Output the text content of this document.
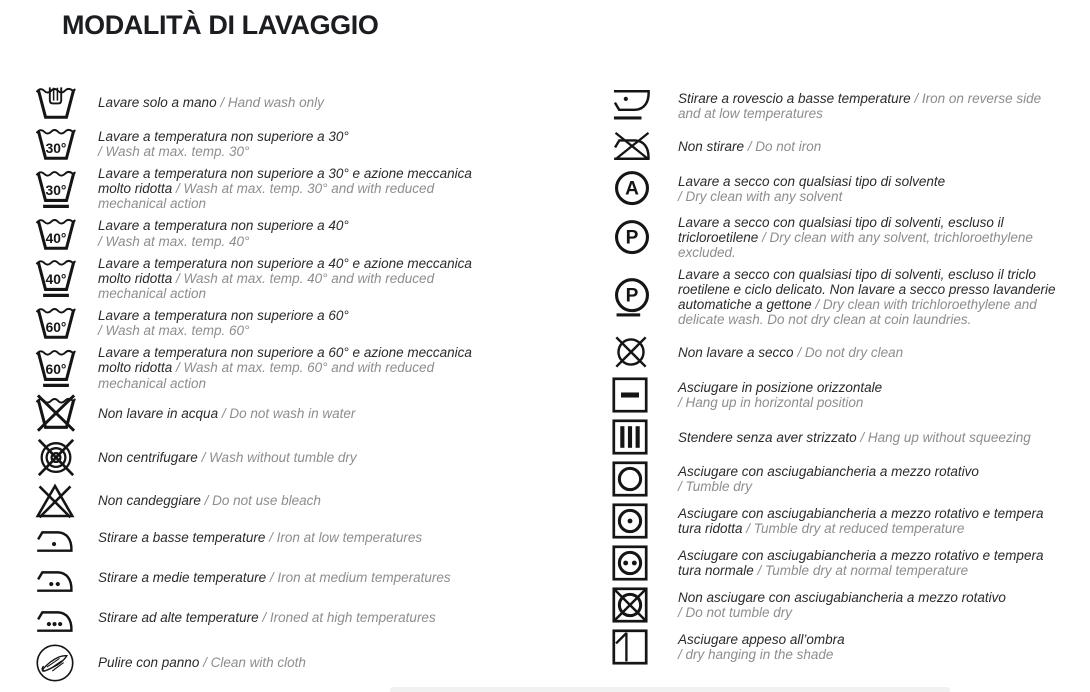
MODALITÀ DI LAVAGGIO
Lavare solo a mano / Hand wash only
30°
Lavare a temperatura non superiore a 30°
/ Wash at max. temp. 30°
30°
Lavare a temperatura non superiore a 30° e azione meccanica
molto ridotta / Wash at max. temp. 30° and with reduced
mechanical action
40°
Lavare a temperatura non superiore a 40°
/ Wash at max. temp. 40°
40°
Lavare a temperatura non superiore a 40° e azione meccanica
molto ridotta / Wash at max. temp. 40° and with reduced
mechanical action
60°
Lavare a temperatura non superiore a 60°
/ Wash at max. temp. 60°
60°
Lavare a temperatura non superiore a 60° e azione meccanica
molto ridotta / Wash at max. temp. 60° and with reduced
mechanical action
Non lavare in acqua / Do not wash in water
Non centrifugare / Wash without tumble dry
Non candeggiare / Do not use bleach
Stirare a basse temperature / Iron at low temperatures
Stirare a medie temperature / Iron at medium temperatures
Stirare ad alte temperature / Ironed at high temperatures
Pulire con panno / Clean with cloth
Stirare a rovescio a basse temperature / Iron on reverse side
and at low temperatures
Non stirare / Do not iron
A	Lavare a secco con qualsiasi tipo di solvente
/ Dry clean with any solvent
P
Lavare a secco con qualsiasi tipo di solventi, escluso il
tricloroetilene / Dry clean with any solvent, trichloroethylene
excluded.
P
Lavare a secco con qualsiasi tipo di solventi, escluso il triclo
roetilene e ciclo delicato. Non lavare a secco presso lavanderie
automatiche a gettone / Dry clean with trichloroethylene and
delicate wash. Do not dry clean at coin laundries.
Non lavare a secco / Do not dry clean
Asciugare in posizione orizzontale
/ Hang up in horizontal position
Stendere senza aver strizzato / Hang up without squeezing
Asciugare con asciugabiancheria a mezzo rotativo
/ Tumble dry
Asciugare con asciugabiancheria a mezzo rotativo e tempera
tura ridotta / Tumble dry at reduced temperature
Asciugare con asciugabiancheria a mezzo rotativo e tempera
tura normale / Tumble dry at normal temperature
Non asciugare con asciugabiancheria a mezzo rotativo
/ Do not tumble dry
Asciugare appeso all’ombra
/ dry hanging in the shade
